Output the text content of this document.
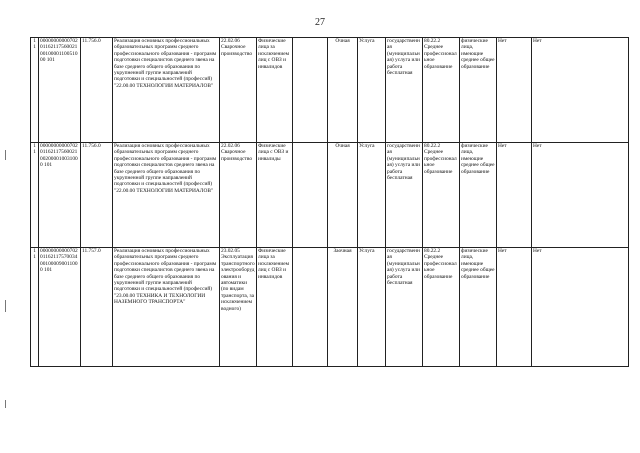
27
11	00000000000702 011621175600210010000110051000 101	11.756.0	Реализация основных профессиональных образовательных программ среднего профессионального образования - программ подготовки специалистов среднего звена на базе среднего общего образования по укрупненной группе направлений подготовки и специальностей (профессий) "22.00.00 ТЕХНОЛОГИИ МАТЕРИАЛОВ"	22.02.06 Сварочное производство	Физические лица за исключением лиц с ОВЗ и инвалидов		Очная	Услуга	государственная (муниципальная) услуга или работа бесплатная	80.22.2 Среднее профессиональное образование	физические лица, имеющие среднее общее образование	Нет	Нет
11	00000000000702 01162117560021002000010031000 101	11.756.0	Реализация основных профессиональных образовательных программ среднего профессионального образования - программ подготовки специалистов среднего звена на базе среднего общего образования по укрупненной группе направлений подготовки и специальностей (профессий) "22.00.00 ТЕХНОЛОГИИ МАТЕРИАЛОВ"	22.02.06 Сварочное производство	Физические лица с ОВЗ и инвалиды		Очная	Услуга	государственная (муниципальная) услуга или работа бесплатная	80.22.2 Среднее профессиональное образование	физические лица, имеющие среднее общее образование	Нет	Нет
11	00000000000702 01162117570034001000090011000 101	11.757.0	Реализация основных профессиональных образовательных программ среднего профессионального образования - программ подготовки специалистов среднего звена на базе среднего общего образования по укрупненной группе направлений подготовки и специальностей (профессий) "23.00.00 ТЕХНИКА И ТЕХНОЛОГИИ НАЗЕМНОГО ТРАНСПОРТА"	23.02.05 Эксплуатация транспортного электрооборудования и автоматики (по видам транспорта, за исключением водного)	Физические лица за исключением лиц с ОВЗ и инвалидов		Заочная	Услуга	государственная (муниципальная) услуга или работа бесплатная	80.22.2 Среднее профессиональное образование	физические лица, имеющие среднее общее образование	Нет	Нет
